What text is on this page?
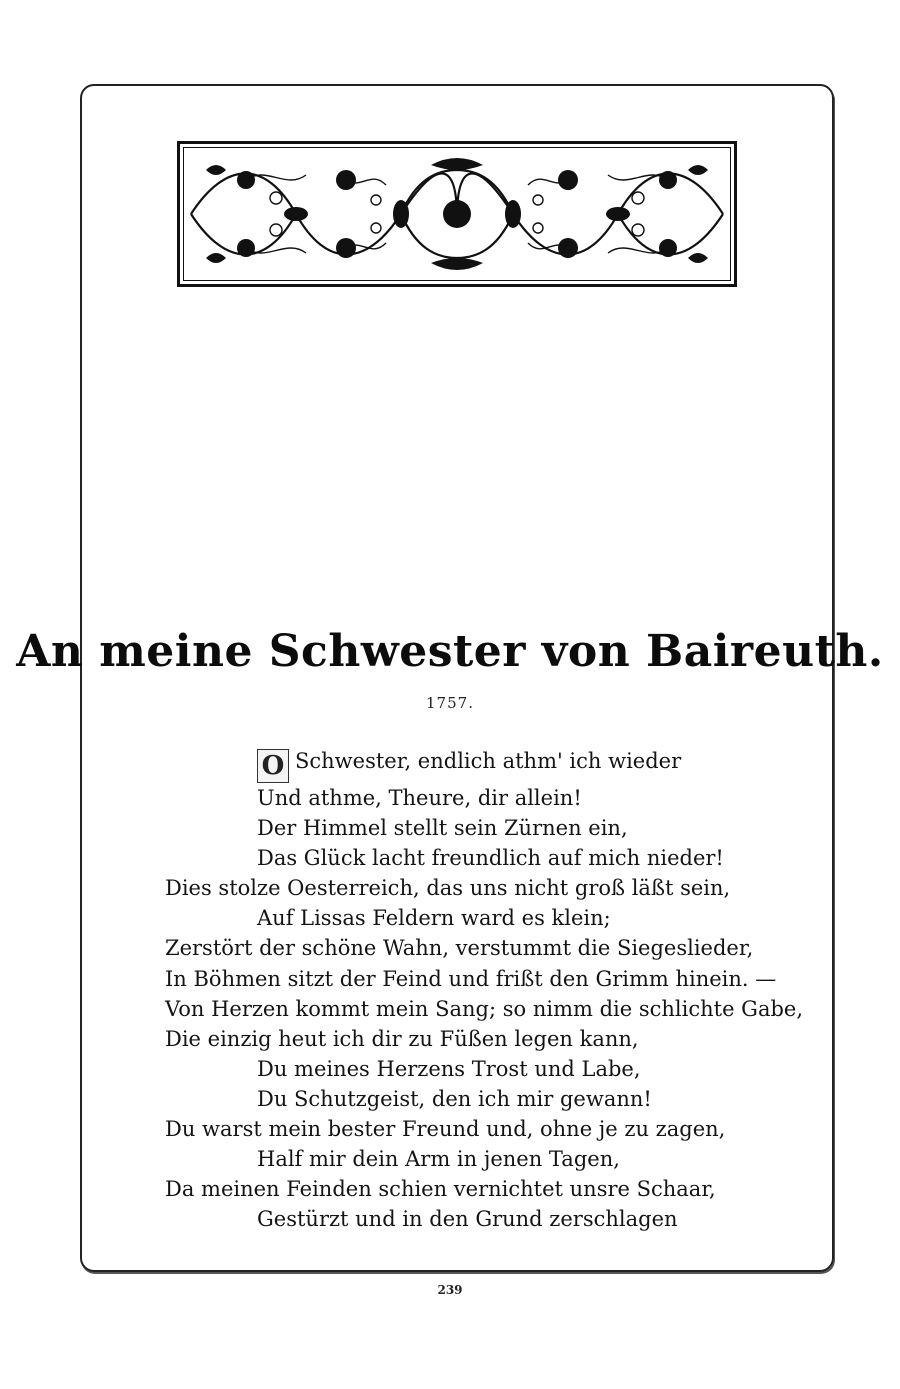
An meine Schwester von Baireuth.
1757.
O Schwester, endlich athm' ich wieder
Und athme, Theure, dir allein!
Der Himmel stellt sein Zürnen ein,
Das Glück lacht freundlich auf mich nieder!
Dies stolze Oesterreich, das uns nicht groß läßt sein,
Auf Lissas Feldern ward es klein;
Zerstört der schöne Wahn, verstummt die Siegeslieder,
In Böhmen sitzt der Feind und frißt den Grimm hinein. —
Von Herzen kommt mein Sang; so nimm die schlichte Gabe,
Die einzig heut ich dir zu Füßen legen kann,
Du meines Herzens Trost und Labe,
Du Schutzgeist, den ich mir gewann!
Du warst mein bester Freund und, ohne je zu zagen,
Half mir dein Arm in jenen Tagen,
Da meinen Feinden schien vernichtet unsre Schaar,
Gestürzt und in den Grund zerschlagen
239
